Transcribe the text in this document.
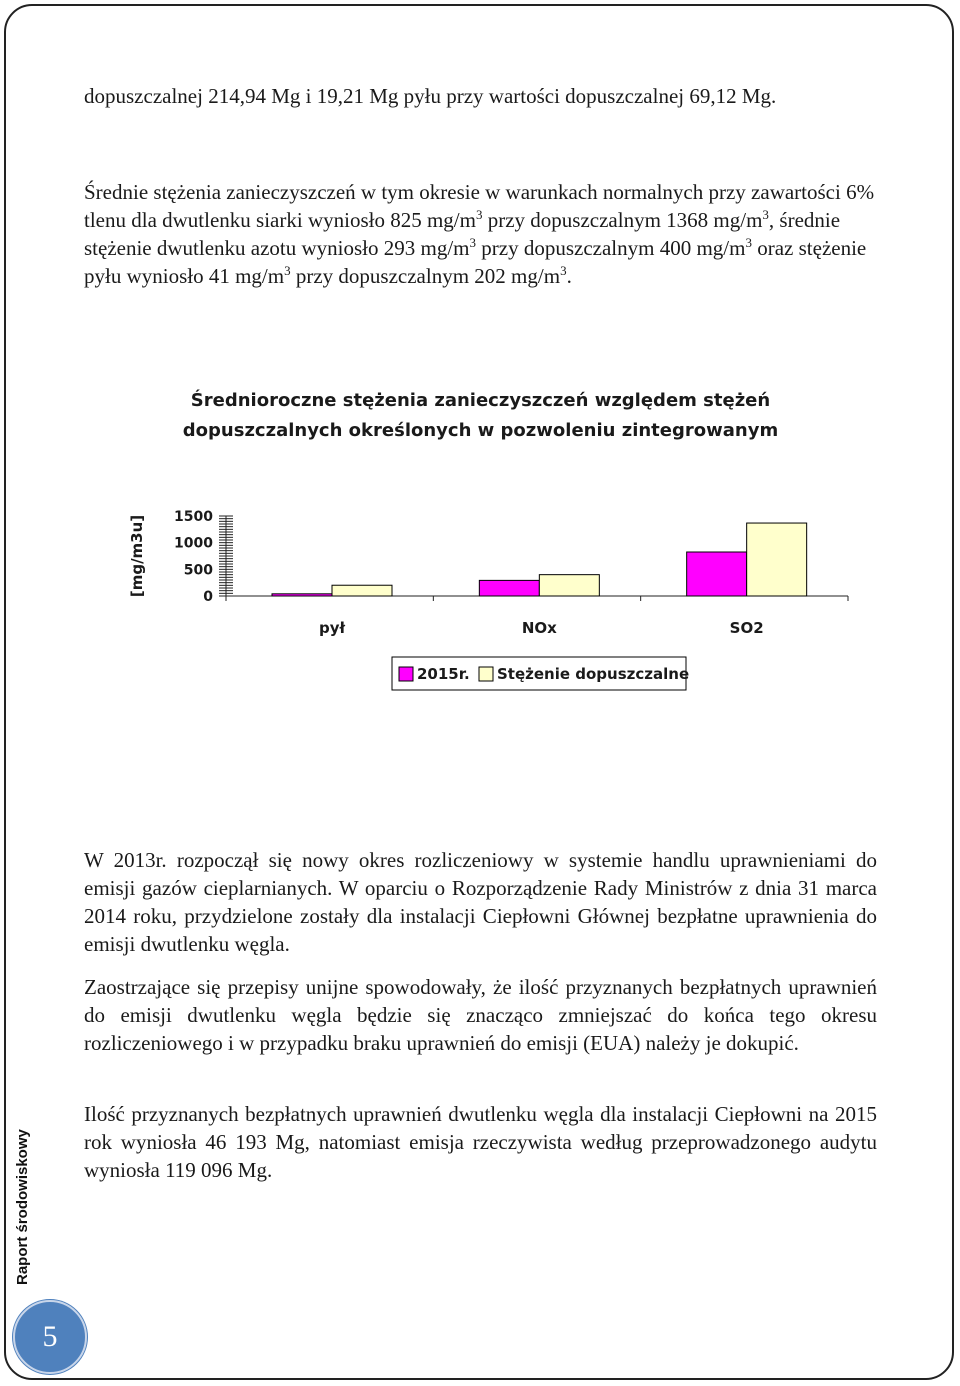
dopuszczalnej 214,94 Mg i 19,21 Mg pyłu przy wartości dopuszczalnej 69,12 Mg.

Średnie stężenia zanieczyszczeń w tym okresie w warunkach normalnych przy zawartości 6% tlenu dla dwutlenku siarki wyniosło 825 $mg/m^3$ przy dopuszczalnym 1368 $mg/m^3$, średnie stężenie dwutlenku azotu wyniosło 293 $mg/m^3$ przy dopuszczalnym 400 $mg/m^3$ oraz stężenie pyłu wyniosło 41 $mg/m^3$ przy dopuszczalnym 202 $mg/m^3$.

Średnioroczne stężenia zanieczyszczeń względem stężeń
dopuszczalnych określonych w pozwoleniu zintegrowanym
1500
1000
500
0
pył	NOx	SO2
[mg/m3u]
2015r. Stężenie dopuszczalne

W 2013r. rozpoczął się nowy okres rozliczeniowy w systemie handlu uprawnieniami do emisji gazów cieplarnianych. W oparciu o Rozporządzenie Rady Ministrów z dnia 31 marca 2014 roku, przydzielone zostały dla instalacji Ciepłowni Głównej bezpłatne uprawnienia do emisji dwutlenku węgla.

Zaostrzające się przepisy unijne spowodowały, że ilość przyznanych bezpłatnych uprawnień do emisji dwutlenku węgla będzie się znacząco zmniejszać do końca tego okresu rozliczeniowego i w przypadku braku uprawnień do emisji (EUA) należy je dokupić.

Ilość przyznanych bezpłatnych uprawnień dwutlenku węgla dla instalacji Ciepłowni na 2015 rok wyniosła 46 193 Mg, natomiast emisja rzeczywista według przeprowadzonego audytu wyniosła 119 096 Mg.

Raport środowiskowy
5
